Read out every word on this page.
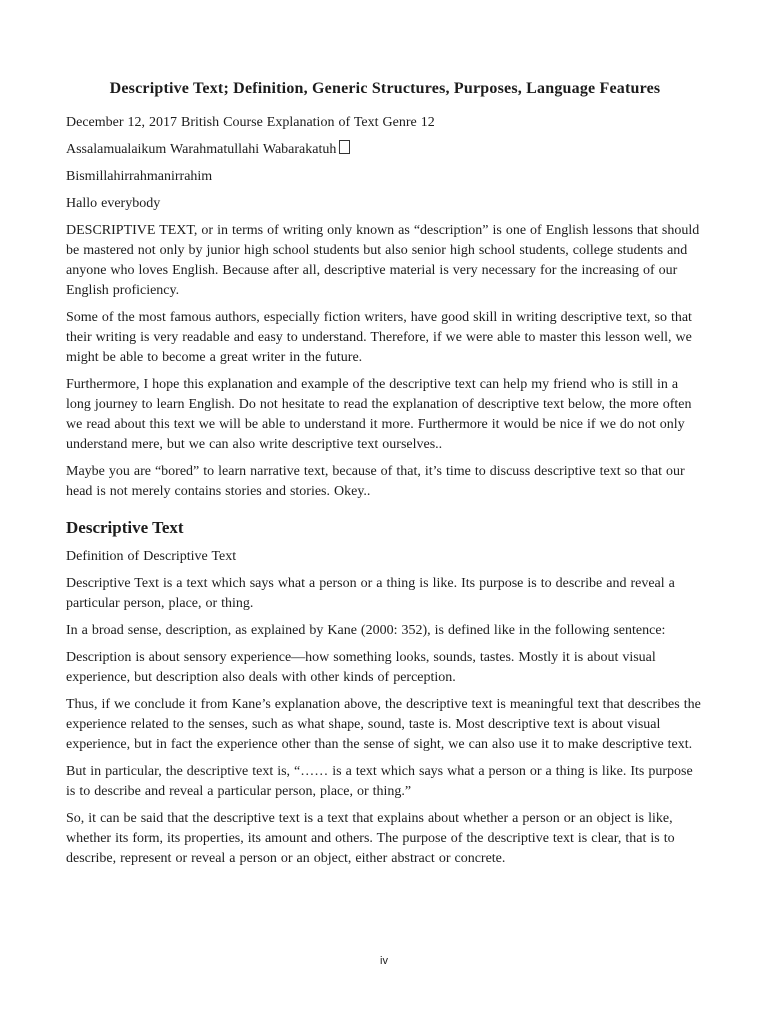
Descriptive Text; Definition, Generic Structures, Purposes, Language Features

December 12, 2017 British Course Explanation of Text Genre 12

Assalamualaikum Warahmatullahi Wabarakatuh

Bismillahirrahmanirrahim

Hallo everybody

DESCRIPTIVE TEXT, or in terms of writing only known as “description” is one of English lessons that should be mastered not only by junior high school students but also senior high school students, college students and anyone who loves English. Because after all, descriptive material is very necessary for the increasing of our English proficiency.

Some of the most famous authors, especially fiction writers, have good skill in writing descriptive text, so that their writing is very readable and easy to understand. Therefore, if we were able to master this lesson well, we might be able to become a great writer in the future.

Furthermore, I hope this explanation and example of the descriptive text can help my friend who is still in a long journey to learn English. Do not hesitate to read the explanation of descriptive text below, the more often we read about this text we will be able to understand it more. Furthermore it would be nice if we do not only understand mere, but we can also write descriptive text ourselves..

Maybe you are “bored” to learn narrative text, because of that, it’s time to discuss descriptive text so that our head is not merely contains stories and stories. Okey..

Descriptive Text

Definition of Descriptive Text

Descriptive Text is a text which says what a person or a thing is like. Its purpose is to describe and reveal a particular person, place, or thing.

In a broad sense, description, as explained by Kane (2000: 352), is defined like in the following sentence:

Description is about sensory experience—how something looks, sounds, tastes. Mostly it is about visual experience, but description also deals with other kinds of perception.

Thus, if we conclude it from Kane’s explanation above, the descriptive text is meaningful text that describes the experience related to the senses, such as what shape, sound, taste is. Most descriptive text is about visual experience, but in fact the experience other than the sense of sight, we can also use it to make descriptive text.

But in particular, the descriptive text is, “…… is a text which says what a person or a thing is like. Its purpose is to describe and reveal a particular person, place, or thing.”

So, it can be said that the descriptive text is a text that explains about whether a person or an object is like, whether its form, its properties, its amount and others. The purpose of the descriptive text is clear, that is to describe, represent or reveal a person or an object, either abstract or concrete.

iv
